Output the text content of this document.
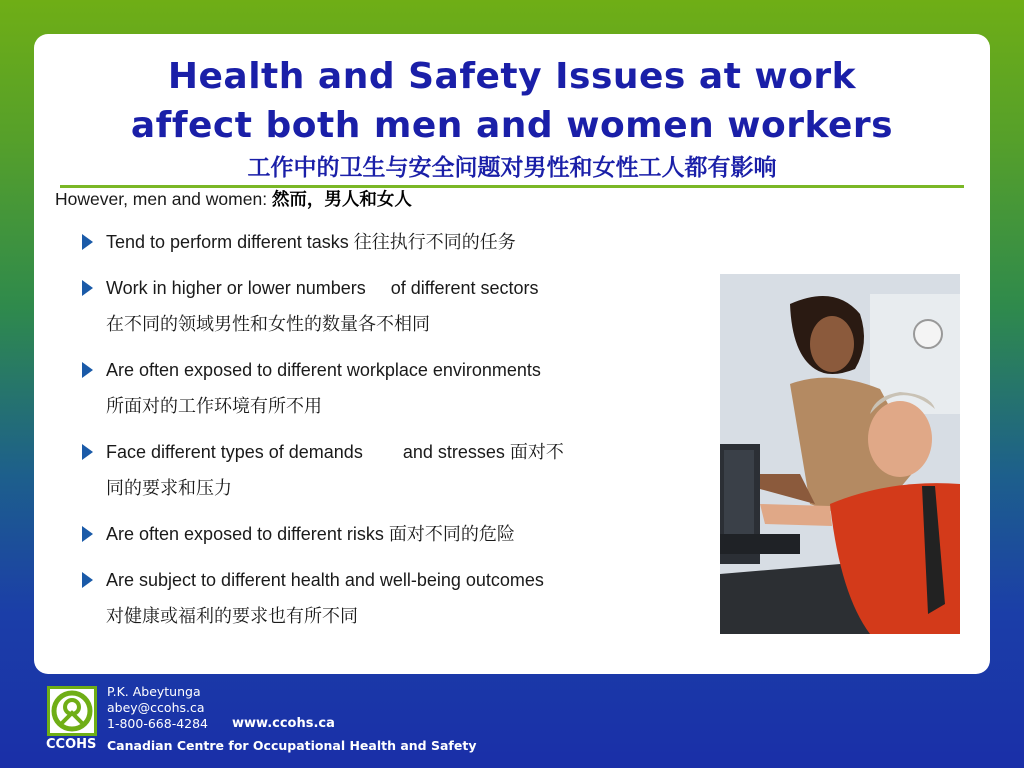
Health and Safety Issues at work
affect both men and women workers
工作中的卫生与安全问题对男性和女性工人都有影响
However, men and women: 然而，男人和女人
Tend to perform different tasks 往往执行不同的任务
Work in higher or lower numbers     of different sectors
在不同的领域男性和女性的数量各不相同
Are often exposed to different workplace environments
所面对的工作环境有所不用
Face different types of demands        and stresses 面对不
同的要求和压力
Are often exposed to different risks 面对不同的危险
Are subject to different health and well-being outcomes
对健康或福利的要求也有所不同
CCOHS
P.K. Abeytunga
abey@ccohs.ca
1-800-668-4284 www.ccohs.ca
Canadian Centre for Occupational Health and Safety
